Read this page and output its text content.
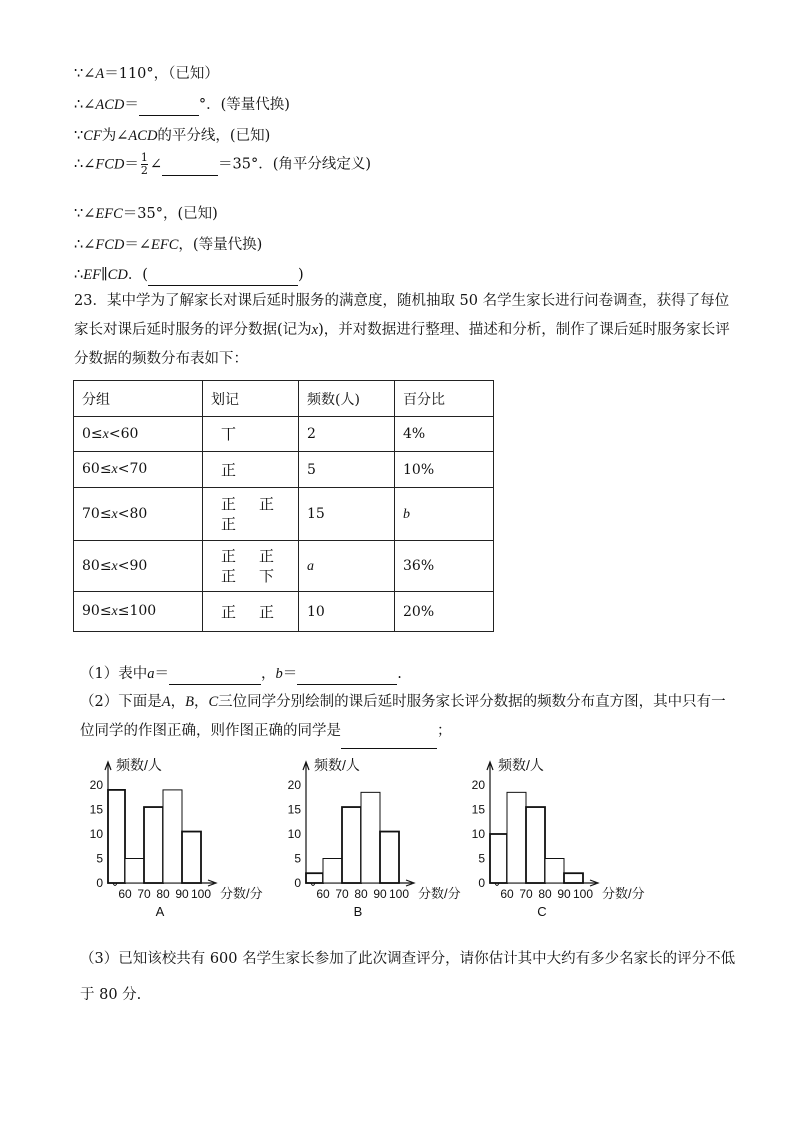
∵∠A＝110°，（已知）
∴∠ACD＝	°．(等量代换)
∵CF为∠ACD的平分线，(已知)
∴∠FCD＝ $\frac{1}{2}$ ∠	＝35°．(角平分线定义)
∵∠EFC＝35°，(已知)
∴∠FCD＝∠EFC，(等量代换)
∴EF∥CD．(	)
23．某中学为了解家长对课后延时服务的满意度，随机抽取 50 名学生家长进行问卷调查，获得了每位家长对课后延时服务的评分数据(记为x)，并对数据进行整理、描述和分析，制作了课后延时服务家长评分数据的频数分布表如下：
分组	划记	频数(人)	百分比
0≤x<60	丅	2	4%
60≤x<70	正	5	10%
70≤x<80	正 正
正	15	b
80≤x<90	正 正
正 下	a	36%
90≤x≤100	正 正	10	20%
（1）表中a＝	，b＝	.
（2）下面是A，B，C三位同学分别绘制的课后延时服务家长评分数据的频数分布直方图，其中只有一位同学的作图正确，则作图正确的同学是	；
频数/人
20
15
10
5
0
60 70 80 90 100 分数/分
A
频数/人
20
15
10
5
0
60 70 80 90 100 分数/分
B
频数/人
20
15
10
5
0
60 70 80 90 100 分数/分
C
（3）已知该校共有 600 名学生家长参加了此次调查评分，请你估计其中大约有多少名家长的评分不低于 80 分.
